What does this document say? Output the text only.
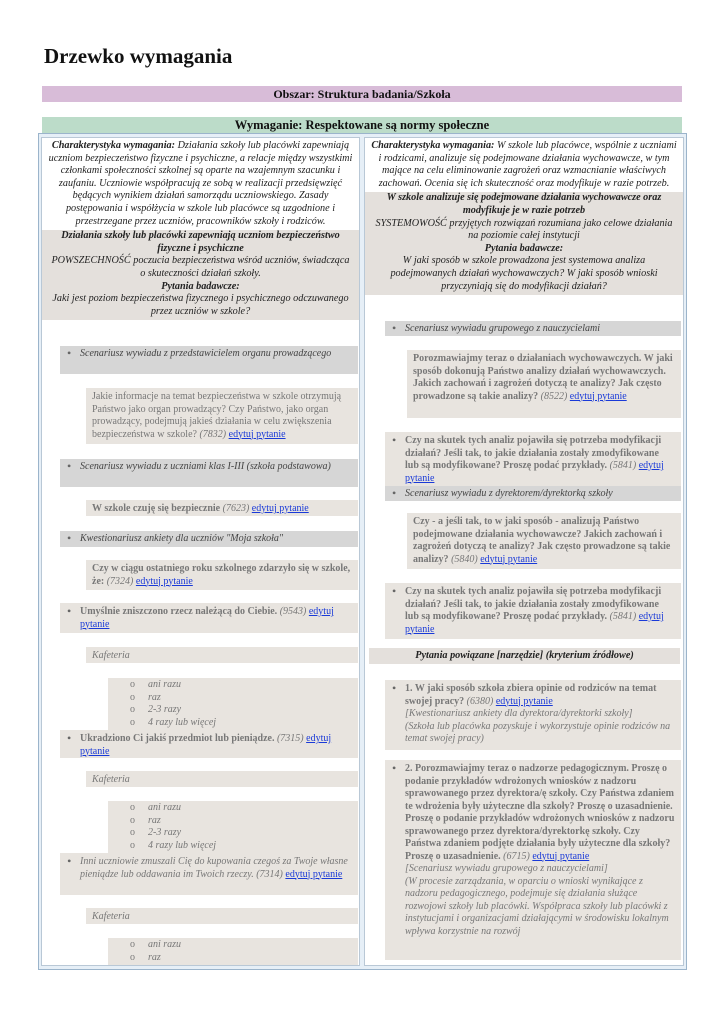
Drzewko wymagania
Obszar: Struktura badania/Szkoła
Wymaganie: Respektowane są normy społeczne
Charakterystyka wymagania: Działania szkoły lub placówki zapewniają uczniom bezpieczeństwo fizyczne i psychiczne, a relacje między wszystkimi członkami społeczności szkolnej są oparte na wzajemnym szacunku i zaufaniu. Uczniowie współpracują ze sobą w realizacji przedsięwzięć będących wynikiem działań samorządu uczniowskiego. Zasady postępowania i współżycia w szkole lub placówce są uzgodnione i przestrzegane przez uczniów, pracowników szkoły i rodziców.
Działania szkoły lub placówki zapewniają uczniom bezpieczeństwo fizyczne i psychiczne
POWSZECHNOŚĆ poczucia bezpieczeństwa wśród uczniów, świadcząca o skuteczności działań szkoły.
Pytania badawcze:
Jaki jest poziom bezpieczeństwa fizycznego i psychicznego odczuwanego przez uczniów w szkole?
• Scenariusz wywiadu z przedstawicielem organu prowadzącego
Jakie informacje na temat bezpieczeństwa w szkole otrzymują Państwo jako organ prowadzący? Czy Państwo, jako organ prowadzący, podejmują jakieś działania w celu zwiększenia bezpieczeństwa w szkole? (7832) edytuj pytanie
• Scenariusz wywiadu z uczniami klas I-III (szkoła podstawowa)
W szkole czuję się bezpiecznie (7623) edytuj pytanie
• Kwestionariusz ankiety dla uczniów "Moja szkoła"
Czy w ciągu ostatniego roku szkolnego zdarzyło się w szkole, że: (7324) edytuj pytanie
• Umyślnie zniszczono rzecz należącą do Ciebie. (9543) edytuj pytanie
Kafeteria
o ani razu
o raz
o 2-3 razy
o 4 razy lub więcej
• Ukradziono Ci jakiś przedmiot lub pieniądze. (7315) edytuj pytanie
Kafeteria
o ani razu
o raz
o 2-3 razy
o 4 razy lub więcej
• Inni uczniowie zmuszali Cię do kupowania czegoś za Twoje własne pieniądze lub oddawania im Twoich rzeczy. (7314) edytuj pytanie
Kafeteria
o ani razu
o raz
Charakterystyka wymagania: W szkole lub placówce, wspólnie z uczniami i rodzicami, analizuje się podejmowane działania wychowawcze, w tym mające na celu eliminowanie zagrożeń oraz wzmacnianie właściwych zachowań. Ocenia się ich skuteczność oraz modyfikuje w razie potrzeb.
W szkole analizuje się podejmowane działania wychowawcze oraz modyfikuje je w razie potrzeb
SYSTEMOWOŚĆ przyjętych rozwiązań rozumiana jako celowe działania na poziomie całej instytucji
Pytania badawcze:
W jaki sposób w szkole prowadzona jest systemowa analiza podejmowanych działań wychowawczych? W jaki sposób wnioski przyczyniają się do modyfikacji działań?
• Scenariusz wywiadu grupowego z nauczycielami
Porozmawiajmy teraz o działaniach wychowawczych. W jaki sposób dokonują Państwo analizy działań wychowawczych. Jakich zachowań i zagrożeń dotyczą te analizy? Jak często prowadzone są takie analizy? (8522) edytuj pytanie
• Czy na skutek tych analiz pojawiła się potrzeba modyfikacji działań? Jeśli tak, to jakie działania zostały zmodyfikowane lub są modyfikowane? Proszę podać przykłady. (5841) edytuj pytanie
• Scenariusz wywiadu z dyrektorem/dyrektorką szkoły
Czy - a jeśli tak, to w jaki sposób - analizują Państwo podejmowane działania wychowawcze? Jakich zachowań i zagrożeń dotyczą te analizy? Jak często prowadzone są takie analizy? (5840) edytuj pytanie
• Czy na skutek tych analiz pojawiła się potrzeba modyfikacji działań? Jeśli tak, to jakie działania zostały zmodyfikowane lub są modyfikowane? Proszę podać przykłady. (5841) edytuj pytanie
Pytania powiązane [narzędzie] (kryterium źródłowe)
• 1. W jaki sposób szkoła zbiera opinie od rodziców na temat swojej pracy? (6380) edytuj pytanie
[Kwestionariusz ankiety dla dyrektora/dyrektorki szkoły]
(Szkoła lub placówka pozyskuje i wykorzystuje opinie rodziców na temat swojej pracy)
• 2. Porozmawiajmy teraz o nadzorze pedagogicznym. Proszę o podanie przykładów wdrożonych wniosków z nadzoru sprawowanego przez dyrektora/ę szkoły. Czy Państwa zdaniem te wdrożenia były użyteczne dla szkoły? Proszę o uzasadnienie. Proszę o podanie przykładów wdrożonych wniosków z nadzoru sprawowanego przez dyrektora/dyrektorkę szkoły. Czy Państwa zdaniem podjęte działania były użyteczne dla szkoły? Proszę o uzasadnienie. (6715) edytuj pytanie
[Scenariusz wywiadu grupowego z nauczycielami]
(W procesie zarządzania, w oparciu o wnioski wynikające z nadzoru pedagogicznego, podejmuje się działania służące rozwojowi szkoły lub placówki. Współpraca szkoły lub placówki z instytucjami i organizacjami działającymi w środowisku lokalnym wpływa korzystnie na rozwój
